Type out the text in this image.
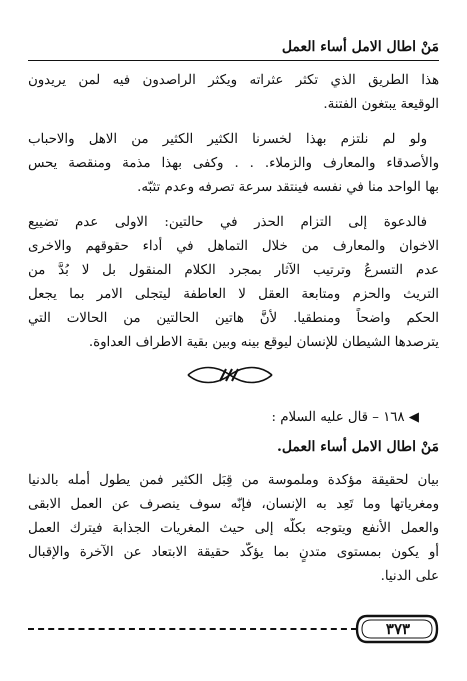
مَنْ اطال الامل أساء العمل
هذا الطريق الذي تكثر عثراته ويكثر الراصدون فيه لمن يريدون
الوقيعة يبتغون الفتنة.
ولو لم نلتزم بهذا لخسرنا الكثير الكثير من الاهل والاحباب
والأصدقاء والمعارف والزملاء. . . وكفى بهذا مذمة ومنقصة يحس
بها الواحد منا في نفسه فينتقد سرعة تصرفه وعدم تثبّه.
فالدعوة إلى التزام الحذر في حالتين: الاولى عدم تضييع
الاخوان والمعارف من خلال التماهل في أداء حقوقهم والاخرى
عدم التسرعُ وترتيب الآثار بمجرد الكلام المنقول بل لا بُدَّ من
التريث والحزم ومتابعة العقل لا العاطفة ليتجلى الامر بما يجعل
الحكم واضحاً ومنطقيا. لأنَّ هاتين الحالتين من الحالات التي
يترصدها الشيطان للإنسان ليوقع بينه وبين بقية الاطراف العداوة.
◀ ١٦٨ – قال عليه السلام :
مَنْ اطال الامل أساء العمل.
بيان لحقيقة مؤكدة وملموسة من قِبَل الكثير فمن يطول أمله بالدنيا
ومغرياتها وما تَعِد به الإنسان، فإنّه سوف ينصرف عن العمل الابقى
والعمل الأنفع ويتوجه بكلّه إلى حيث المغريات الجذابة فيترك العمل
أو يكون بمستوى متدنٍ بما يؤكّد حقيقة الابتعاد عن الآخرة والإقبال
على الدنيا.
٣٧٣
